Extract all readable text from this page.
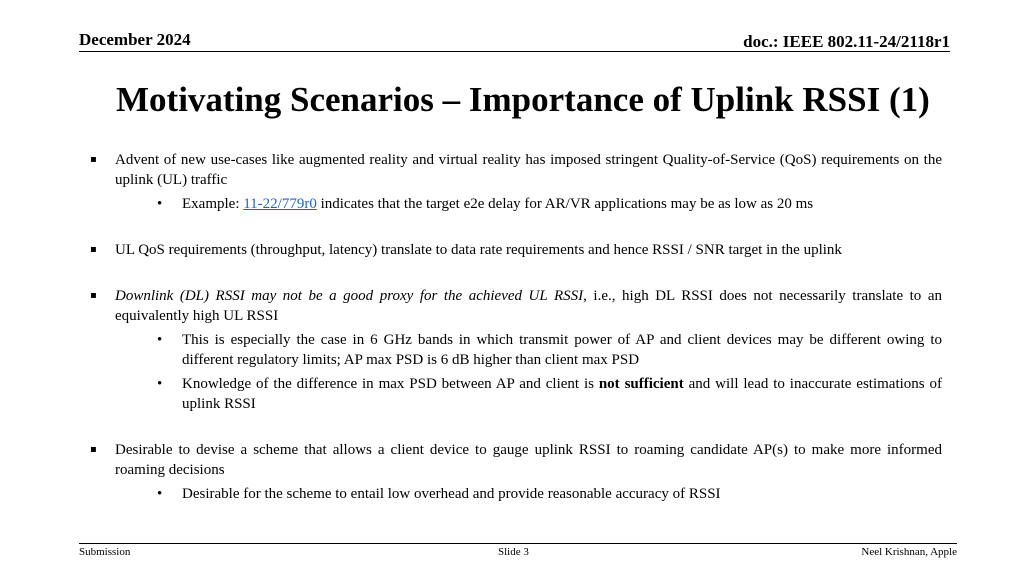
December 2024	doc.: IEEE 802.11-24/2118r1
Motivating Scenarios – Importance of Uplink RSSI (1)
▪ Advent of new use-cases like augmented reality and virtual reality has imposed stringent Quality-of-Service (QoS) requirements on the uplink (UL) traffic
• Example: 11-22/779r0 indicates that the target e2e delay for AR/VR applications may be as low as 20 ms
▪ UL QoS requirements (throughput, latency) translate to data rate requirements and hence RSSI / SNR target in the uplink
▪ Downlink (DL) RSSI may not be a good proxy for the achieved UL RSSI, i.e., high DL RSSI does not necessarily translate to an equivalently high UL RSSI
• This is especially the case in 6 GHz bands in which transmit power of AP and client devices may be different owing to different regulatory limits; AP max PSD is 6 dB higher than client max PSD
• Knowledge of the difference in max PSD between AP and client is not sufficient and will lead to inaccurate estimations of uplink RSSI
▪ Desirable to devise a scheme that allows a client device to gauge uplink RSSI to roaming candidate AP(s) to make more informed roaming decisions
• Desirable for the scheme to entail low overhead and provide reasonable accuracy of RSSI
Submission	Slide 3	Neel Krishnan, Apple
